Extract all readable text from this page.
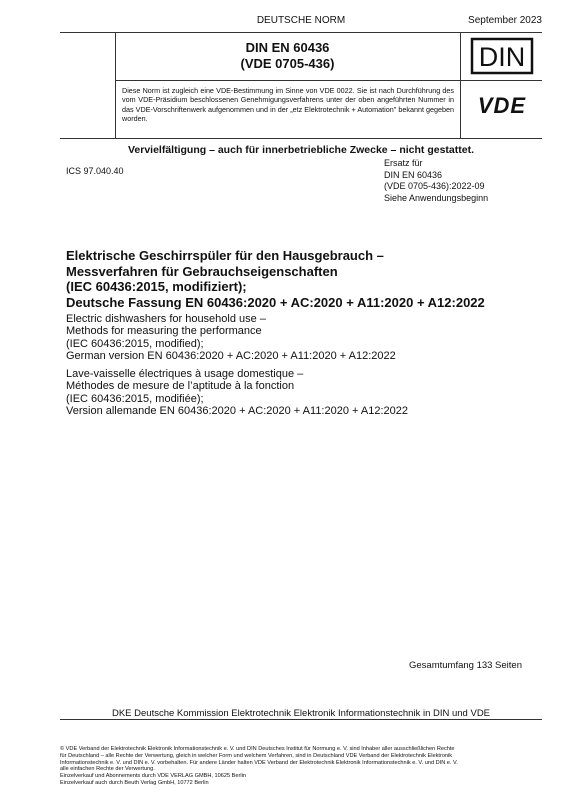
DEUTSCHE NORM	September 2023
DIN EN 60436
(VDE 0705-436)	DIN
Diese Norm ist zugleich eine VDE-Bestimmung im Sinne von VDE 0022. Sie ist nach Durchführung des vom VDE-Präsidium beschlossenen Genehmigungsverfahrens unter der oben angeführten Nummer in das VDE-Vorschriftenwerk aufgenommen und in der „etz Elektrotechnik + Automation" bekannt gegeben worden.
VDE
Vervielfältigung – auch für innerbetriebliche Zwecke – nicht gestattet.
ICS 97.040.40
Ersatz für
DIN EN 60436
(VDE 0705-436):2022-09
Siehe Anwendungsbeginn
Elektrische Geschirrspüler für den Hausgebrauch –
Messverfahren für Gebrauchseigenschaften
(IEC 60436:2015, modifiziert);
Deutsche Fassung EN 60436:2020 + AC:2020 + A11:2020 + A12:2022
Electric dishwashers for household use –
Methods for measuring the performance
(IEC 60436:2015, modified);
German version EN 60436:2020 + AC:2020 + A11:2020 + A12:2022
Lave-vaisselle électriques à usage domestique –
Méthodes de mesure de l’aptitude à la fonction
(IEC 60436:2015, modifiée);
Version allemande EN 60436:2020 + AC:2020 + A11:2020 + A12:2022
Gesamtumfang 133 Seiten
DKE Deutsche Kommission Elektrotechnik Elektronik Informationstechnik in DIN und VDE
© VDE Verband der Elektrotechnik Elektronik Informationstechnik e. V. und DIN Deutsches Institut für Normung e. V. sind Inhaber aller ausschließlichen Rechte
für Deutschland – alle Rechte der Verwertung, gleich in welcher Form und welchem Verfahren, sind in Deutschland VDE Verband der Elektrotechnik Elektronik
Informationstechnik e. V. und DIN e. V. vorbehalten. Für andere Länder halten VDE Verband der Elektrotechnik Elektronik Informationstechnik e. V. und DIN e. V.
alle einfachen Rechte der Verwertung.
Einzelverkauf und Abonnements durch VDE VERLAG GMBH, 10625 Berlin
Einzelverkauf auch durch Beuth Verlag GmbH, 10772 Berlin
